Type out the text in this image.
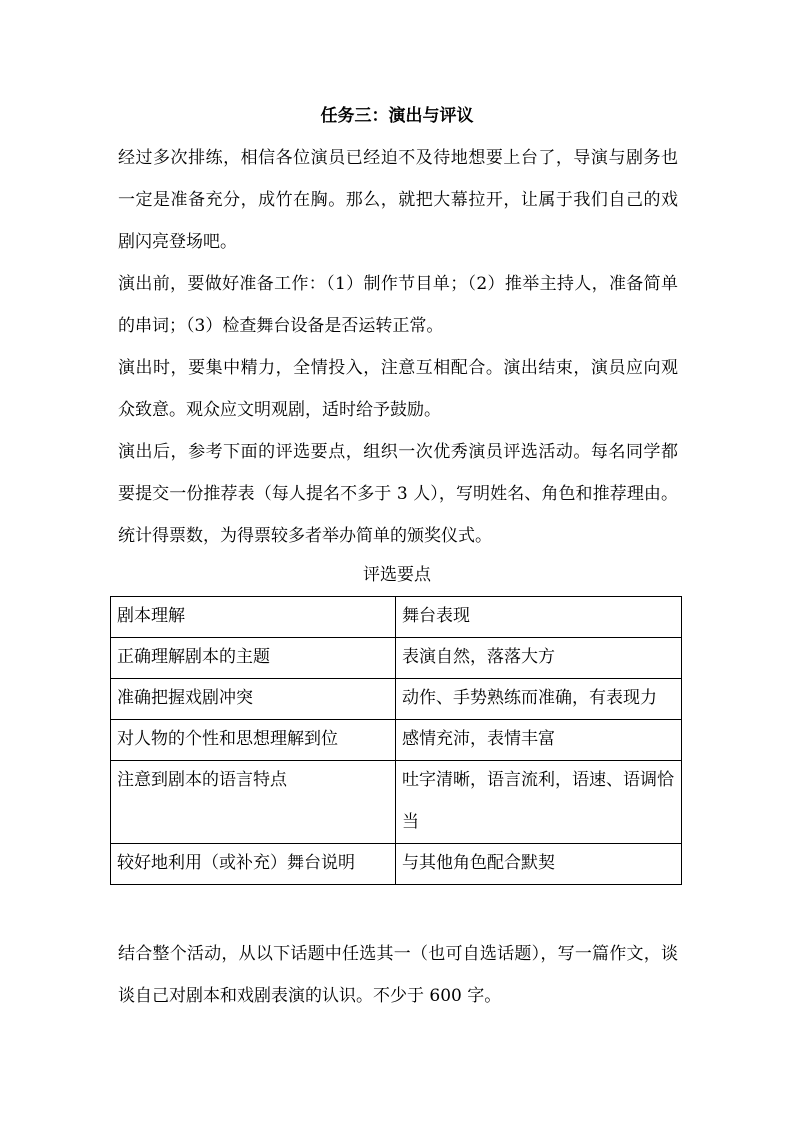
任务三：演出与评议
经过多次排练，相信各位演员已经迫不及待地想要上台了，导演与剧务也一定是准备充分，成竹在胸。那么，就把大幕拉开，让属于我们自己的戏剧闪亮登场吧。
演出前，要做好准备工作：（1）制作节目单；（2）推举主持人，准备简单的串词；（3）检查舞台设备是否运转正常。
演出时，要集中精力，全情投入，注意互相配合。演出结束，演员应向观众致意。观众应文明观剧，适时给予鼓励。
演出后，参考下面的评选要点，组织一次优秀演员评选活动。每名同学都要提交一份推荐表（每人提名不多于 3 人），写明姓名、角色和推荐理由。统计得票数，为得票较多者举办简单的颁奖仪式。
评选要点
剧本理解	舞台表现

正确理解剧本的主题	表演自然，落落大方

准确把握戏剧冲突	动作、手势熟练而准确，有表现力

对人物的个性和思想理解到位	感情充沛，表情丰富

注意到剧本的语言特点	吐字清晰，语言流利，语速、语调恰当

较好地利用（或补充）舞台说明	与其他角色配合默契
结合整个活动，从以下话题中任选其一（也可自选话题），写一篇作文，谈谈自己对剧本和戏剧表演的认识。不少于 600 字。
